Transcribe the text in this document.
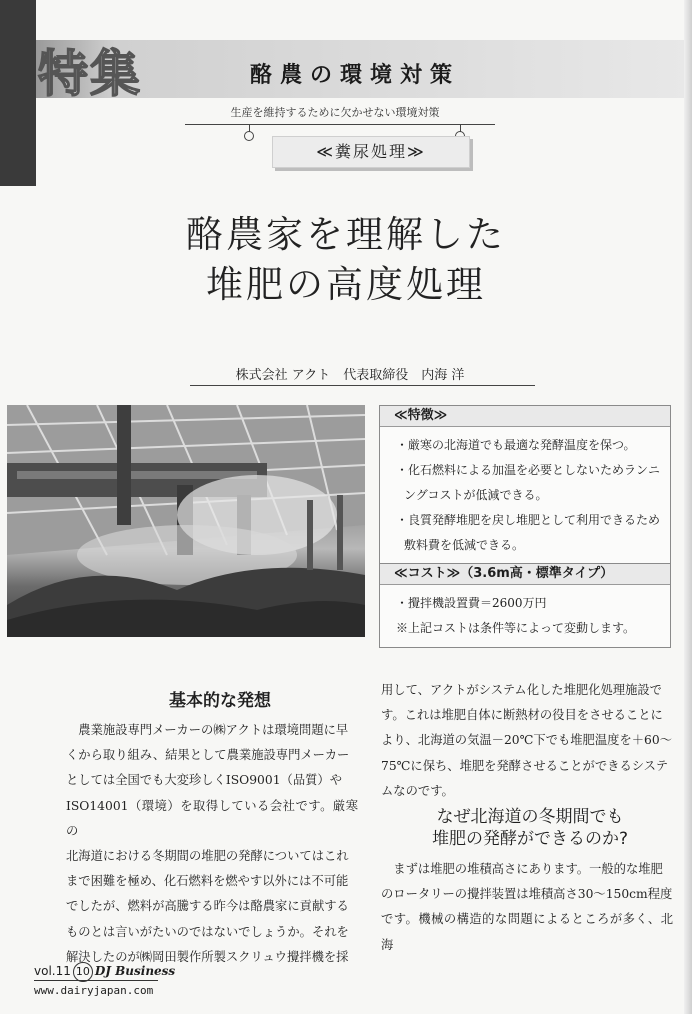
特集	酪農の環境対策
生産を維持するために欠かせない環境対策
≪糞尿処理≫
酪農家を理解した
堆肥の高度処理
株式会社 アクト　代表取締役　内海 洋
≪特徴≫
・厳寒の北海道でも最適な発酵温度を保つ。
・化石燃料による加温を必要としないためランニングコストが低減できる。
・良質発酵堆肥を戻し堆肥として利用できるため敷料費を低減できる。
≪コスト≫（3.6m高・標準タイプ）
・攪拌機設置費＝2600万円
※上記コストは条件等によって変動します。
基本的な発想
　農業施設専門メーカーの㈱アクトは環境問題に早
くから取り組み、結果として農業施設専門メーカー
としては全国でも大変珍しくISO9001（品質）や
ISO14001（環境）を取得している会社です。厳寒の
北海道における冬期間の堆肥の発酵についてはこれ
まで困難を極め、化石燃料を燃やす以外には不可能
でしたが、燃料が高騰する昨今は酪農家に貢献する
ものとは言いがたいのではないでしょうか。それを
解決したのが㈱岡田製作所製スクリュウ攪拌機を採
用して、アクトがシステム化した堆肥化処理施設で
す。これは堆肥自体に断熱材の役目をさせることに
より、北海道の気温－20℃下でも堆肥温度を＋60～
75℃に保ち、堆肥を発酵させることができるシステ
ムなのです。
なぜ北海道の冬期間でも
堆肥の発酵ができるのか?
　まずは堆肥の堆積高さにあります。一般的な堆肥
のロータリーの攪拌装置は堆積高さ30～150cm程度
です。機械の構造的な問題によるところが多く、北海
vol.11 10 DJ Business
www.dairyjapan.com
